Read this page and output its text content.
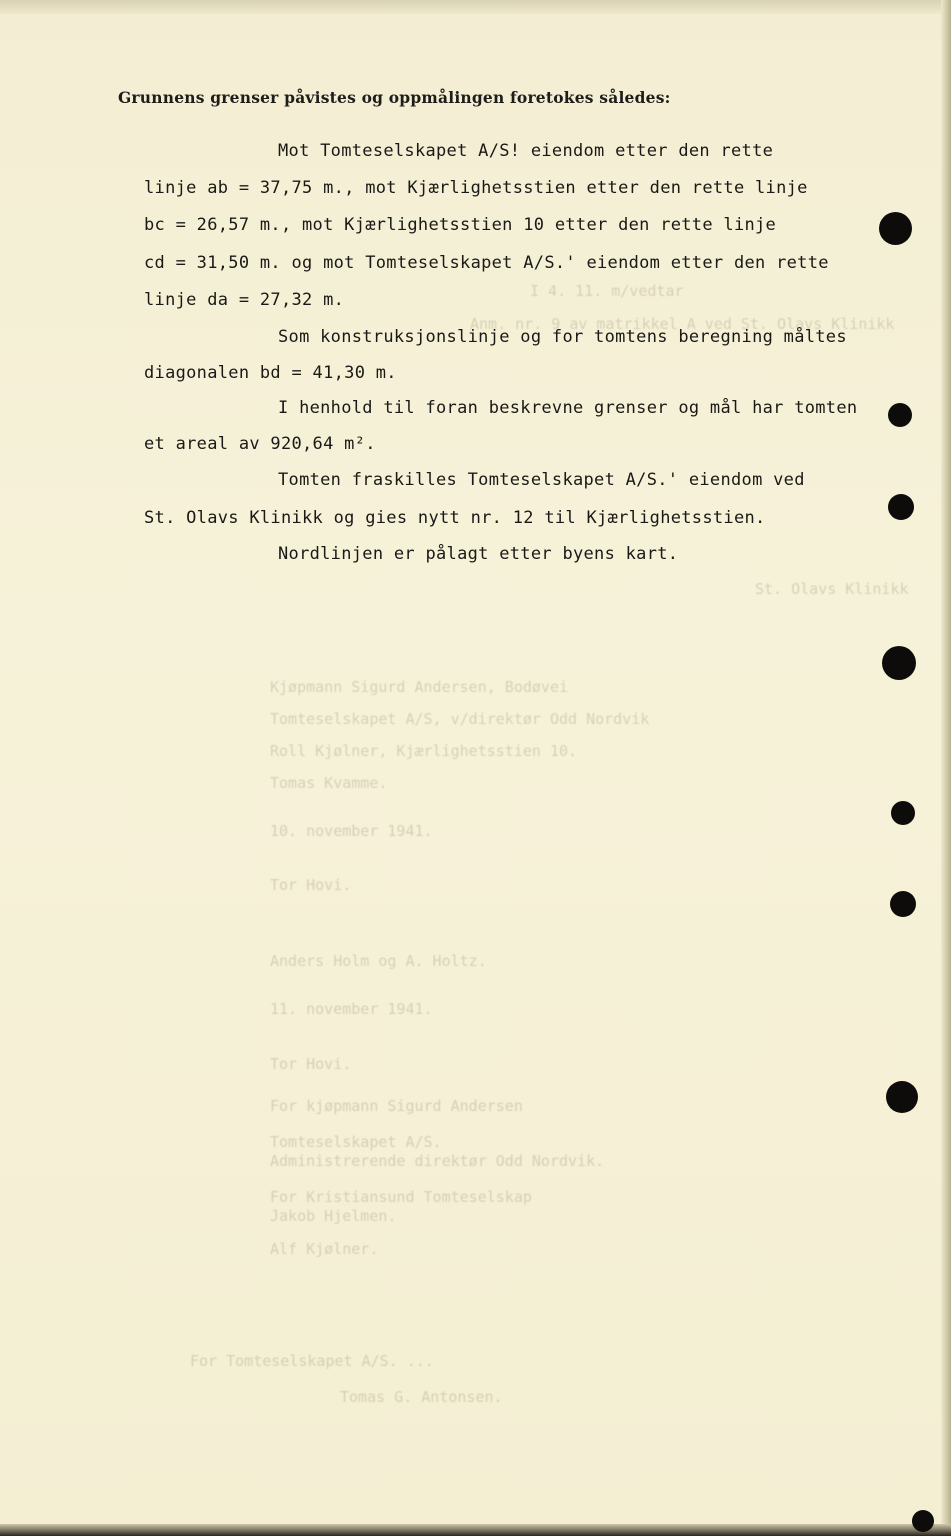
I 4. 11. m/vedtar
Anm. nr. 9 av matrikkel A ved St. Olavs Klinikk
St. Olavs Klinikk
Kjøpmann Sigurd Andersen, Bodøvei
Tomteselskapet A/S, v/direktør Odd Nordvik
Roll Kjølner, Kjærlighetsstien 10.
Tomas Kvamme.
10. november 1941.
Tor Hovi.
Anders Holm og A. Holtz.
11. november 1941.
Tor Hovi.
For kjøpmann Sigurd Andersen
Tomteselskapet A/S.
Administrerende direktør Odd Nordvik.
For Kristiansund Tomteselskap
Jakob Hjelmen.
Alf Kjølner.
For Tomteselskapet A/S. ...
Tomas G. Antonsen.
Grunnens grenser påvistes og oppmålingen foretokes således:
Mot Tomteselskapet A/S! eiendom etter den rette
linje ab = 37,75 m., mot Kjærlighetsstien etter den rette linje
bc = 26,57 m., mot Kjærlighetsstien 10 etter den rette linje
cd = 31,50 m. og mot Tomteselskapet A/S.' eiendom etter den rette
linje da = 27,32 m.
Som konstruksjonslinje og for tomtens beregning måltes
diagonalen bd = 41,30 m.
I henhold til foran beskrevne grenser og mål har tomten
et areal av 920,64 m².
Tomten fraskilles Tomteselskapet A/S.' eiendom ved
St. Olavs Klinikk og gies nytt nr. 12 til Kjærlighetsstien.
Nordlinjen er pålagt etter byens kart.
